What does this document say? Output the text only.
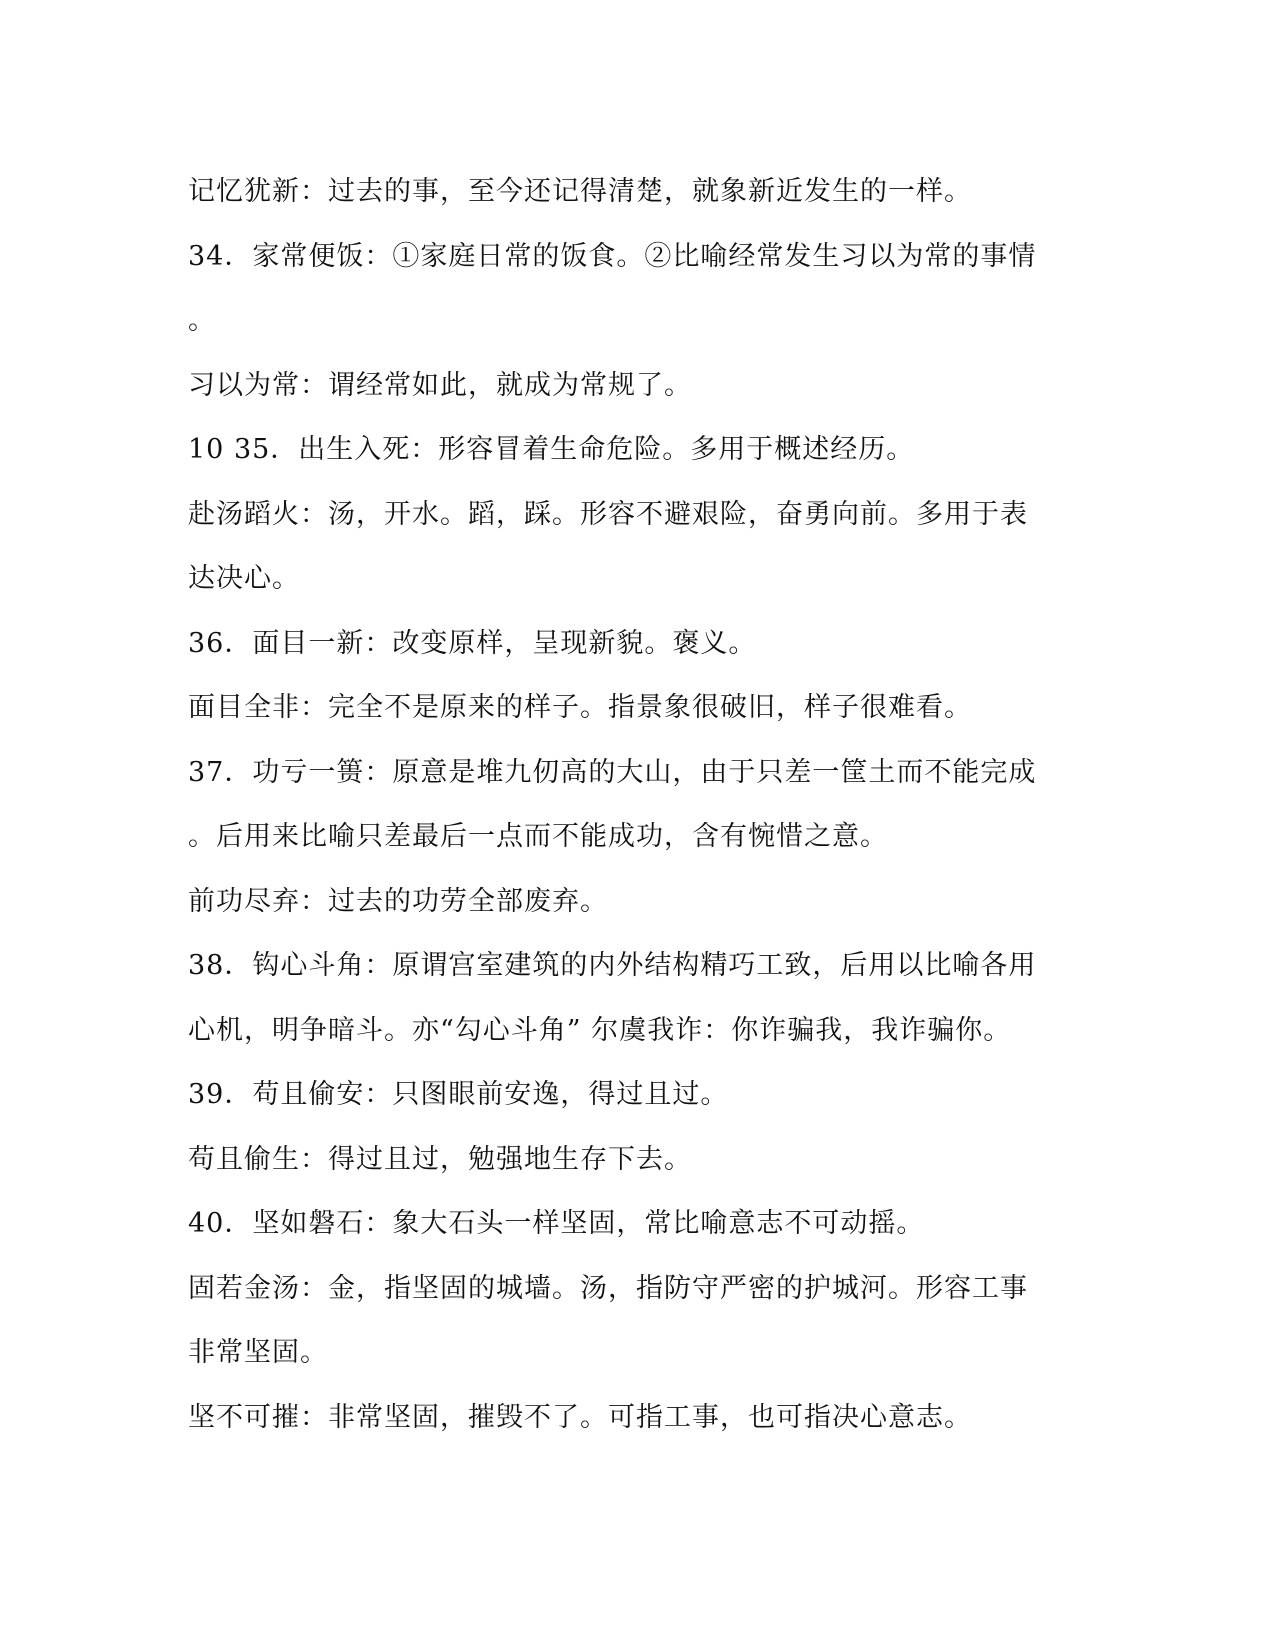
记忆犹新：过去的事，至今还记得清楚，就象新近发生的一样。
34．家常便饭：①家庭日常的饭食。②比喻经常发生习以为常的事情
。
习以为常：谓经常如此，就成为常规了。
10 35．出生入死：形容冒着生命危险。多用于概述经历。
赴汤蹈火：汤，开水。蹈，踩。形容不避艰险，奋勇向前。多用于表
达决心。
36．面目一新：改变原样，呈现新貌。褒义。
面目全非：完全不是原来的样子。指景象很破旧，样子很难看。
37．功亏一篑：原意是堆九仞高的大山，由于只差一筐土而不能完成
。后用来比喻只差最后一点而不能成功，含有惋惜之意。
前功尽弃：过去的功劳全部废弃。
38．钩心斗角：原谓宫室建筑的内外结构精巧工致，后用以比喻各用
心机，明争暗斗。亦“勾心斗角” 尔虞我诈：你诈骗我，我诈骗你。
39．苟且偷安：只图眼前安逸，得过且过。
苟且偷生：得过且过，勉强地生存下去。
40．坚如磐石：象大石头一样坚固，常比喻意志不可动摇。
固若金汤：金，指坚固的城墙。汤，指防守严密的护城河。形容工事
非常坚固。
坚不可摧：非常坚固，摧毁不了。可指工事，也可指决心意志。
